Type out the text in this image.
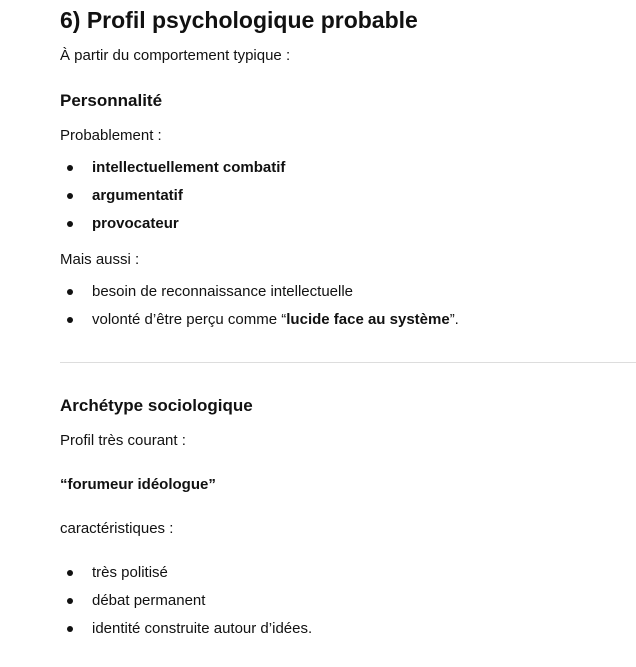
6) Profil psychologique probable

À partir du comportement typique :

Personnalité

Probablement :

intellectuellement combatif
argumentatif
provocateur

Mais aussi :

besoin de reconnaissance intellectuelle
volonté d’être perçu comme “lucide face au système”.
Archétype sociologique

Profil très courant :

“forumeur idéologue”

caractéristiques :

très politisé
débat permanent
identité construite autour d’idées.
